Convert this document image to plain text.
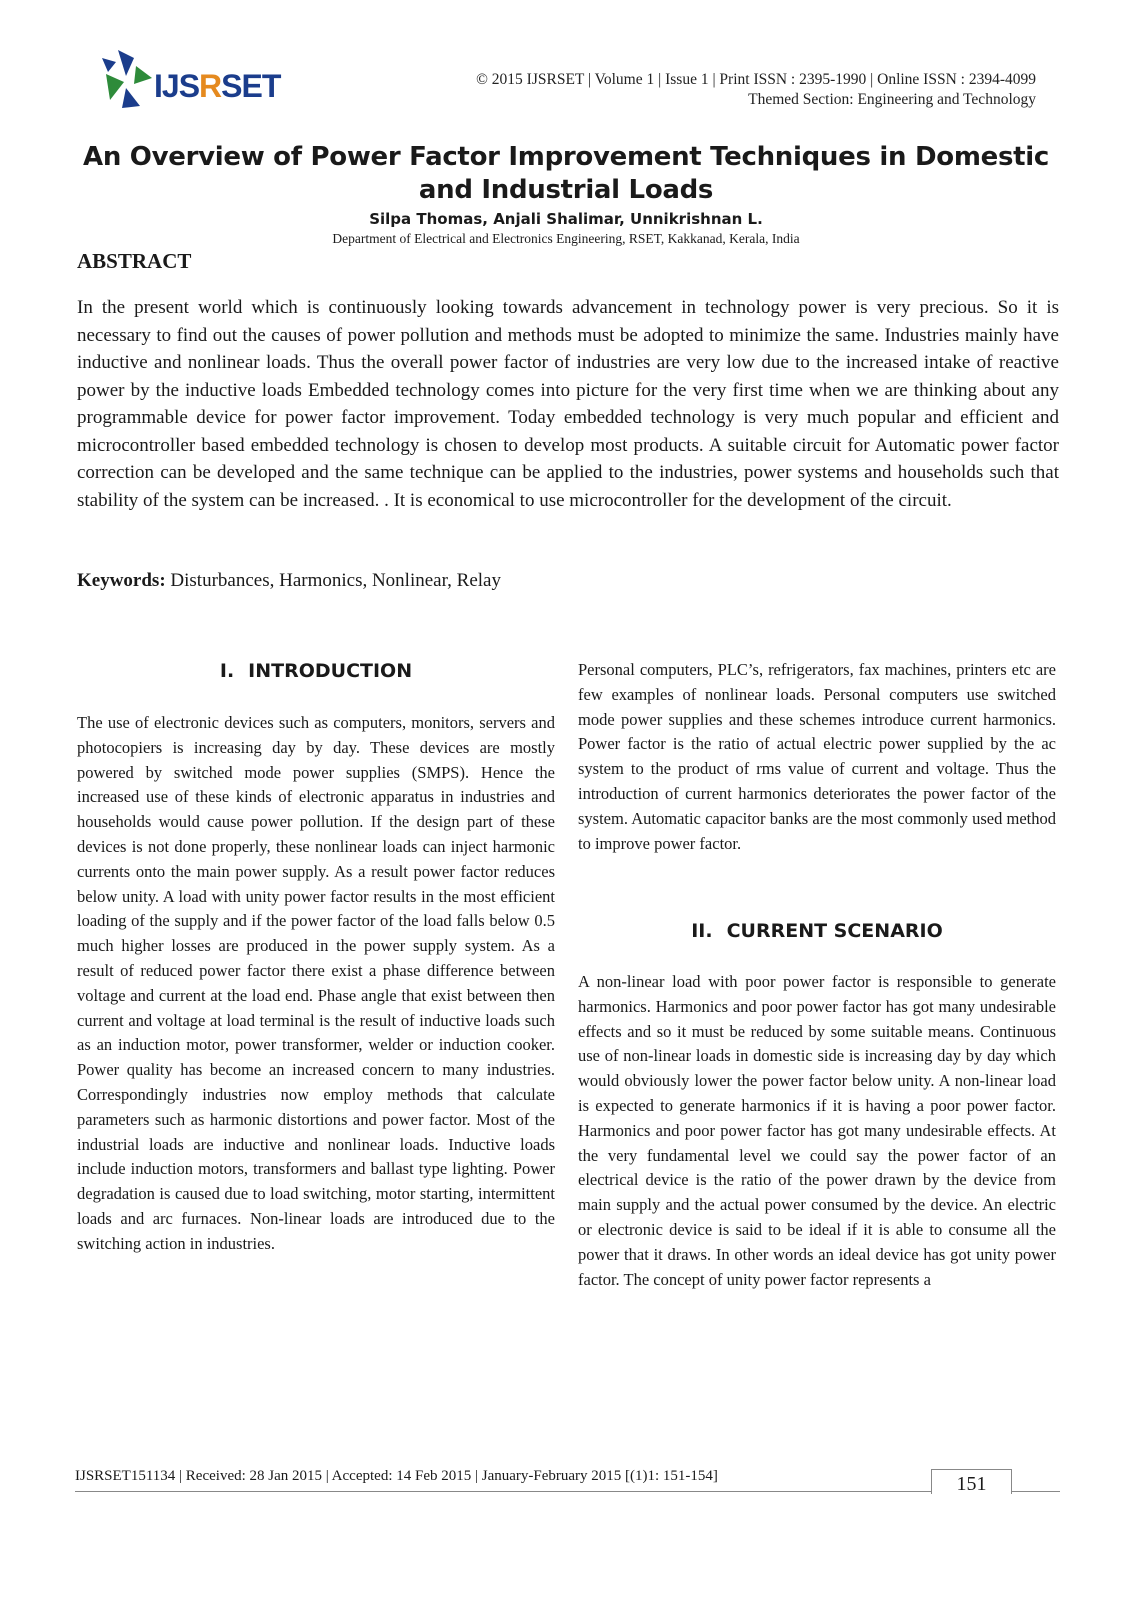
IJSRSET	© 2015 IJSRSET | Volume 1 | Issue 1 | Print ISSN : 2395-1990 | Online ISSN : 2394-4099
Themed Section: Engineering and Technology
An Overview of Power Factor Improvement Techniques in Domestic and Industrial Loads
Silpa Thomas, Anjali Shalimar, Unnikrishnan L.
Department of Electrical and Electronics Engineering, RSET, Kakkanad, Kerala, India
ABSTRACT
In the present world which is continuously looking towards advancement in technology power is very precious. So it is necessary to find out the causes of power pollution and methods must be adopted to minimize the same. Industries mainly have inductive and nonlinear loads. Thus the overall power factor of industries are very low due to the increased intake of reactive power by the inductive loads Embedded technology comes into picture for the very first time when we are thinking about any programmable device for power factor improvement. Today embedded technology is very much popular and efficient and microcontroller based embedded technology is chosen to develop most products. A suitable circuit for Automatic power factor correction can be developed and the same technique can be applied to the industries, power systems and households such that stability of the system can be increased. . It is economical to use microcontroller for the development of the circuit.
Keywords: Disturbances, Harmonics, Nonlinear, Relay
I. INTRODUCTION
The use of electronic devices such as computers, monitors, servers and photocopiers is increasing day by day. These devices are mostly powered by switched mode power supplies (SMPS). Hence the increased use of these kinds of electronic apparatus in industries and households would cause power pollution. If the design part of these devices is not done properly, these nonlinear loads can inject harmonic currents onto the main power supply. As a result power factor reduces below unity. A load with unity power factor results in the most efficient loading of the supply and if the power factor of the load falls below 0.5 much higher losses are produced in the power supply system. As a result of reduced power factor there exist a phase difference between voltage and current at the load end. Phase angle that exist between then current and voltage at load terminal is the result of inductive loads such as an induction motor, power transformer, welder or induction cooker. Power quality has become an increased concern to many industries. Correspondingly industries now employ methods that calculate parameters such as harmonic distortions and power factor. Most of the industrial loads are inductive and nonlinear loads. Inductive loads include induction motors, transformers and ballast type lighting. Power degradation is caused due to load switching, motor starting, intermittent loads and arc furnaces. Non-linear loads are introduced due to the switching action in industries.
Personal computers, PLC’s, refrigerators, fax machines, printers etc are few examples of nonlinear loads. Personal computers use switched mode power supplies and these schemes introduce current harmonics. Power factor is the ratio of actual electric power supplied by the ac system to the product of rms value of current and voltage. Thus the introduction of current harmonics deteriorates the power factor of the system. Automatic capacitor banks are the most commonly used method to improve power factor.
II. CURRENT SCENARIO
A non-linear load with poor power factor is responsible to generate harmonics. Harmonics and poor power factor has got many undesirable effects and so it must be reduced by some suitable means. Continuous use of non-linear loads in domestic side is increasing day by day which would obviously lower the power factor below unity. A non-linear load is expected to generate harmonics if it is having a poor power factor. Harmonics and poor power factor has got many undesirable effects. At the very fundamental level we could say the power factor of an electrical device is the ratio of the power drawn by the device from main supply and the actual power consumed by the device. An electric or electronic device is said to be ideal if it is able to consume all the power that it draws. In other words an ideal device has got unity power factor. The concept of unity power factor represents a
IJSRSET151134 | Received: 28 Jan 2015 | Accepted: 14 Feb 2015 | January-February 2015 [(1)1: 151-154]	151
